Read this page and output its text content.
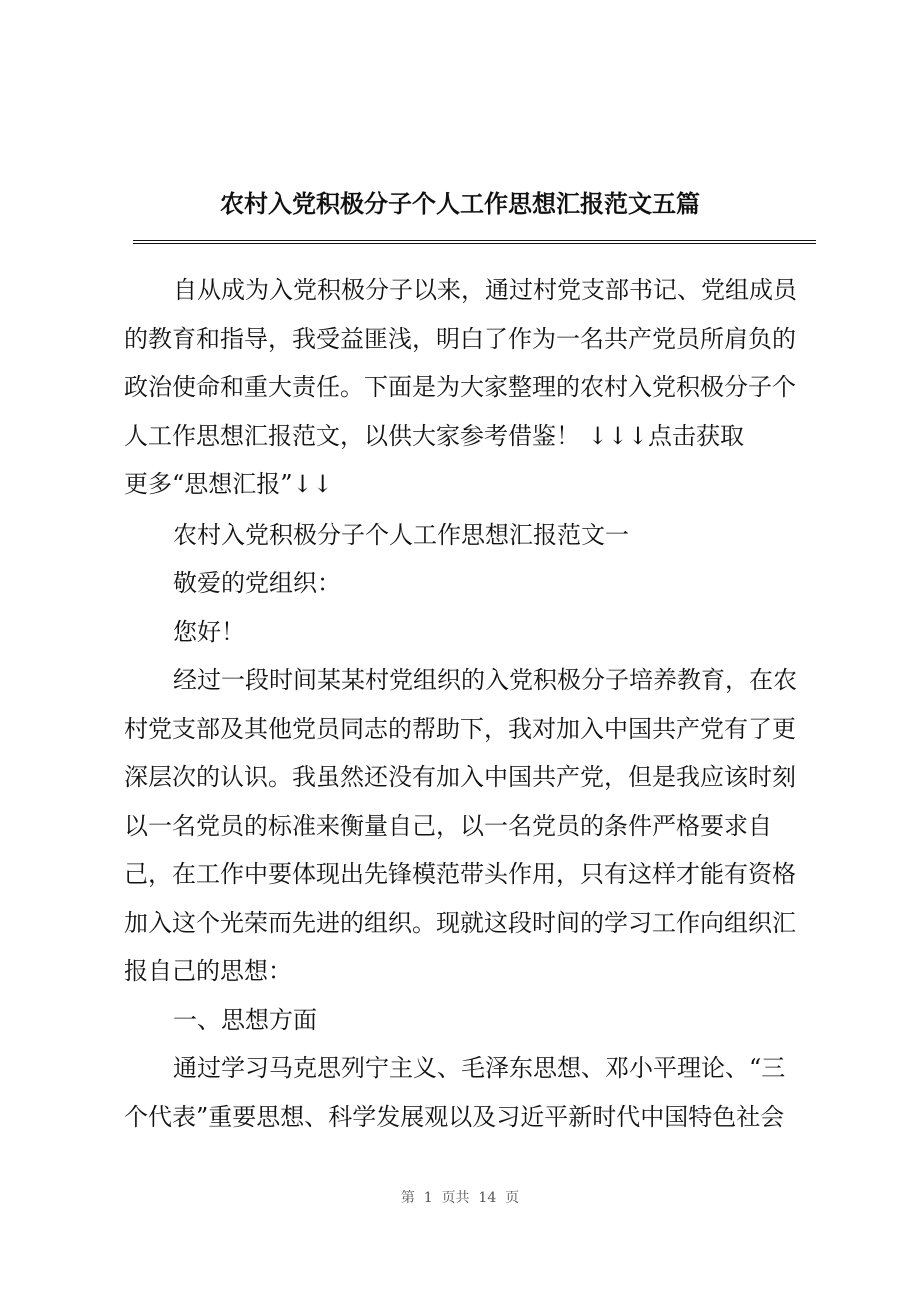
农村入党积极分子个人工作思想汇报范文五篇
自从成为入党积极分子以来，通过村党支部书记、党组成员
的教育和指导，我受益匪浅，明白了作为一名共产党员所肩负的
政治使命和重大责任。下面是为大家整理的农村入党积极分子个
人工作思想汇报范文，以供大家参考借鉴！ ↓↓↓点击获取
更多“思想汇报”↓↓
农村入党积极分子个人工作思想汇报范文一
敬爱的党组织：
您好！
经过一段时间某某村党组织的入党积极分子培养教育，在农
村党支部及其他党员同志的帮助下，我对加入中国共产党有了更
深层次的认识。我虽然还没有加入中国共产党，但是我应该时刻
以一名党员的标准来衡量自己，以一名党员的条件严格要求自
己，在工作中要体现出先锋模范带头作用，只有这样才能有资格
加入这个光荣而先进的组织。现就这段时间的学习工作向组织汇
报自己的思想：
一、思想方面
通过学习马克思列宁主义、毛泽东思想、邓小平理论、“三
个代表”重要思想、科学发展观以及习近平新时代中国特色社会
第  1  页共  14  页
